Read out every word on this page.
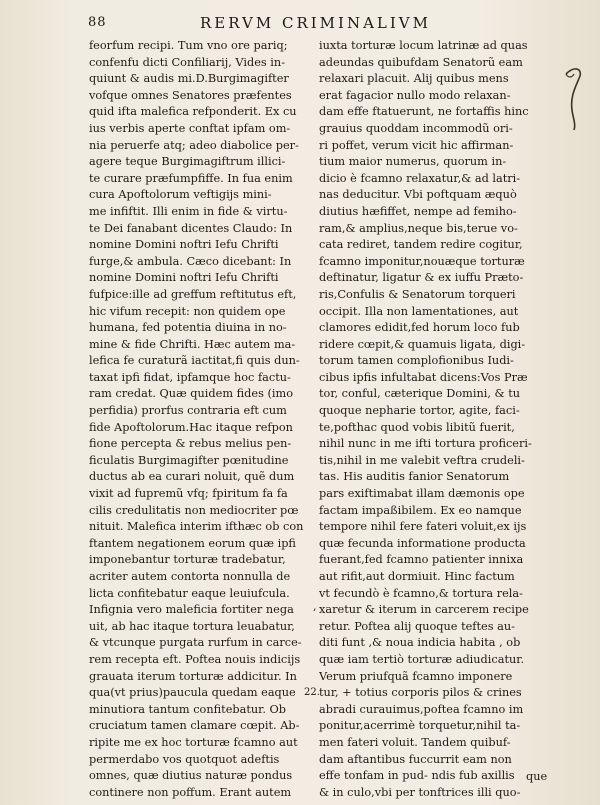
88	RERVM CRIMINALIVM
feorfum recipi. Tum vno ore pariq;
confenfu dicti Confiliarij, Vides in-
quiunt & audis mi.D.Burgimagifter
vofque omnes Senatores præfentes
quid ifta malefica refponderit. Ex cu
ius verbis aperte conftat ipfam om-
nia peruerfe atq; adeo diabolice per-
agere teque Burgimagiftrum illici-
te curare præfumpfiffe. In fua enim
cura Apoftolorum veftigijs mini-
me infiftit. Illi enim in fide & virtu-
te Dei fanabant dicentes Claudo: In
nomine Domini noftri Iefu Chrifti
furge,& ambula. Cæco dicebant: In
nomine Domini noftri Iefu Chrifti
fufpice:ille ad greffum reftitutus eft,
hic vifum recepit: non quidem ope
humana, fed potentia diuina in no-
mine & fide Chrifti. Hæc autem ma-
lefica fe curaturã iactitat,fi quis dun-
taxat ipfi fidat, ipfamque hoc factu-
ram credat. Quæ quidem fides (imo
perfidia) prorfus contraria eft cum
fide Apoftolorum.Hac itaque refpon
fione percepta & rebus melius pen-
ficulatis Burgimagifter pœnitudine
ductus ab ea curari noluit, quẽ dum
vixit ad fupremũ vfq; fpiritum fa fa
cilis credulitatis non mediocriter pœ
nituit. Malefica interim ifthæc ob con
ftantem negationem eorum quæ ipfi
imponebantur torturæ tradebatur,
acriter autem contorta nonnulla de
licta confitebatur eaque leuiufcula.
Infignia vero maleficia fortiter nega
uit, ab hac itaque tortura leuabatur,
& vtcunque purgata rurfum in carce-
rem recepta eft. Poftea nouis indicijs
grauata iterum torturæ addicitur. In
qua(vt prius)paucula quedam eaque
minutiora tantum confitebatur. Ob
cruciatum tamen clamare cœpit. Ab-
ripite me ex hoc torturæ fcamno aut
permerdabo vos quotquot adeftis
omnes, quæ diutius naturæ pondus
continere non poffum. Erant autem
iuxta torturæ locum latrinæ ad quas
adeundas quibufdam Senatorũ eam
relaxari placuit. Alij quibus mens
erat fagacior nullo modo relaxan-
dam effe ftatuerunt, ne fortaffis hinc
grauius quoddam incommodũ ori-
ri poffet, verum vicit hic affirman-
tium maior numerus, quorum in-
dicio è fcamno relaxatur,& ad latri-
nas deducitur. Vbi poftquam æquò
diutius hæfiffet, nempe ad femiho-
ram,& amplius,neque bis,terue vo-
cata rediret, tandem redire cogitur,
fcamno imponitur,nouæque torturæ
deftinatur, ligatur & ex iuffu Prætο-
ris,Confulis & Senatorum torqueri
occipit. Illa non lamentationes, aut
clamores edidit,fed horum loco fub
ridere cœpit,& quamuis ligata, digi-
torum tamen complofionibus Iudi-
cibus ipfis infultabat dicens:Vos Præ
tor, conful, cæterique Domini, & tu
quoque nepharie tortor, agite, faci-
te,pofthac quod vobis libitũ fuerit,
nihil nunc in me ifti tortura proficeri-
tis,nihil in me valebit veftra crudeli-
tas. His auditis fanior Senatorum
pars exiftimabat illam dæmonis ope
factam impaßibilem. Ex eo namque
tempore nihil fere fateri voluit,ex ijs
quæ fecunda informatione producta
fuerant,fed fcamno patienter innixa
aut rifit,aut dormiuit. Hinc factum
vt fecundò è fcamno,& tortura rela-
xaretur & iterum in carcerem recipe
retur. Poftea alij quoque teftes au-
diti funt ,& noua indicia habita , ob
quæ iam tertiò torturæ adiudicatur.
Verum priufquã fcamno imponere
tur, + totius corporis pilos & crines
abradi curauimus,poftea fcamno im
ponitur,acerrimè torquetur,nihil ta-
men fateri voluit. Tandem quibuf-
dam aftantibus fuccurrit eam non
effe tonfam in pud- ndis fub axillis
& in culo,vbi per tonftrices illi quo-
,
que
22.
